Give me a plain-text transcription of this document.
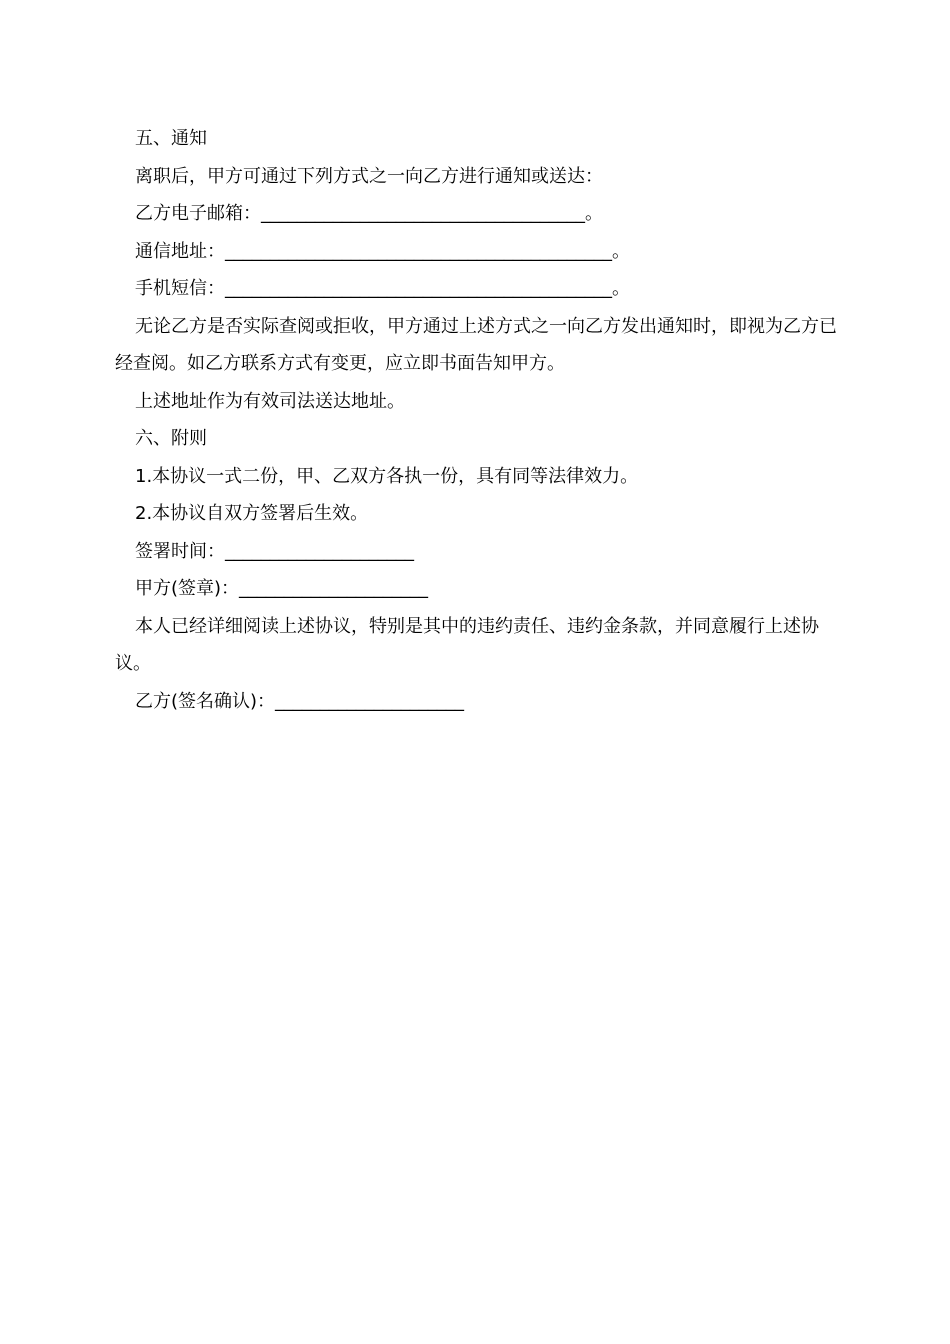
五、通知

离职后，甲方可通过下列方式之一向乙方进行通知或送达：

乙方电子邮箱：____________________________________。

通信地址：___________________________________________。

手机短信：___________________________________________。

无论乙方是否实际查阅或拒收，甲方通过上述方式之一向乙方发出通知时，即视为乙方已经查阅。如乙方联系方式有变更，应立即书面告知甲方。

上述地址作为有效司法送达地址。

六、附则

1.本协议一式二份，甲、乙双方各执一份，具有同等法律效力。

2.本协议自双方签署后生效。

签署时间：_____________________

甲方(签章)：_____________________

本人已经详细阅读上述协议，特别是其中的违约责任、违约金条款，并同意履行上述协议。

乙方(签名确认)：_____________________
